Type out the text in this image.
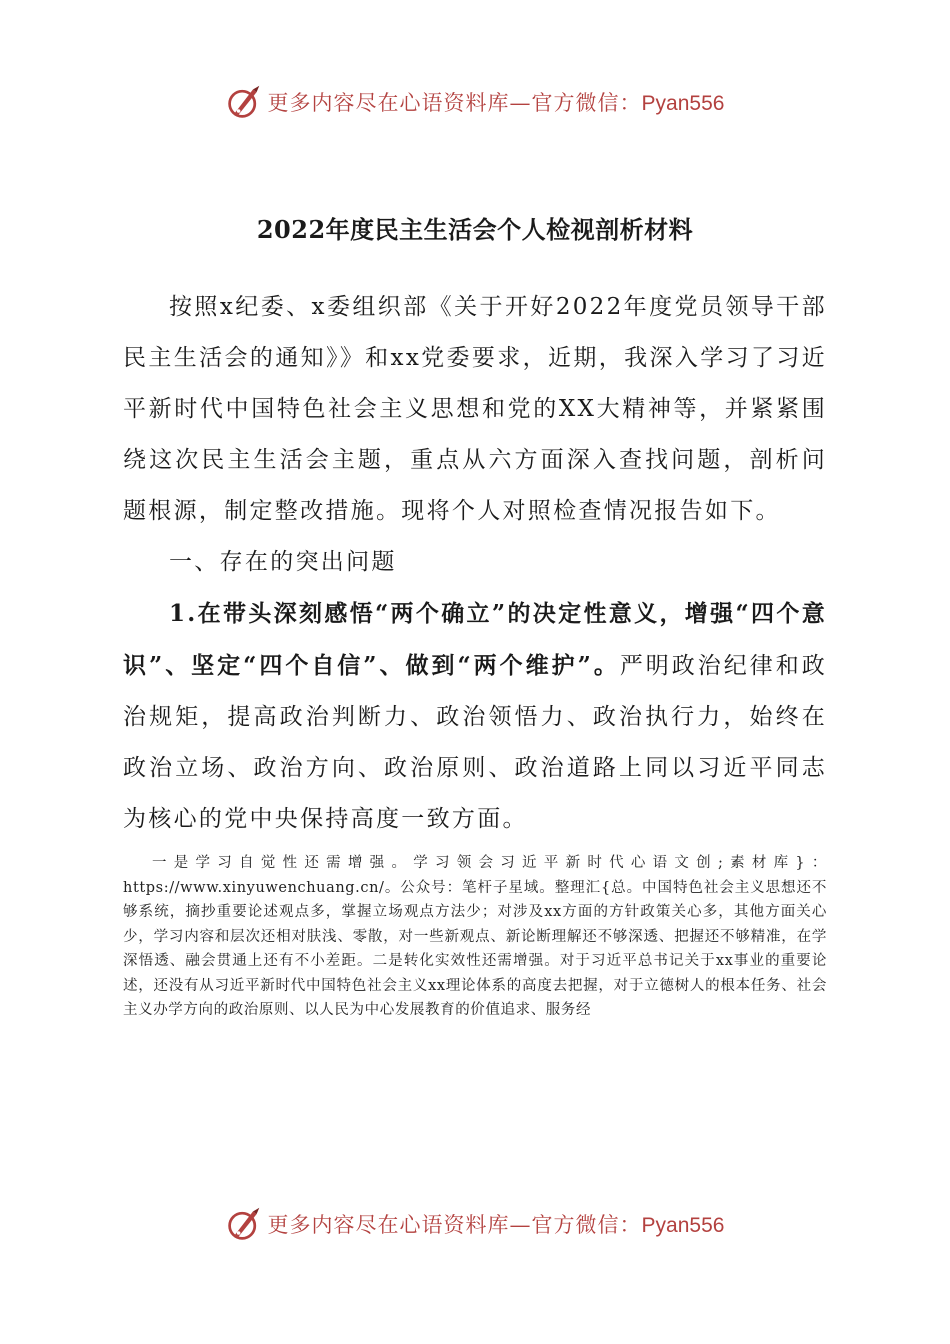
更多内容尽在心语资料库—官方微信：Pyan556
2022年度民主生活会个人检视剖析材料

按照x纪委、x委组织部《关于开好2022年度党员领导干部民主生活会的通知》》和xx党委要求，近期，我深入学习了习近平新时代中国特色社会主义思想和党的XX大精神等，并紧紧围绕这次民主生活会主题，重点从六方面深入查找问题，剖析问题根源，制定整改措施。现将个人对照检查情况报告如下。

一、存在的突出问题

1.在带头深刻感悟“两个确立”的决定性意义，增强“四个意识”、坚定“四个自信”、做到“两个维护”。严明政治纪律和政治规矩，提高政治判断力、政治领悟力、政治执行力，始终在政治立场、政治方向、政治原则、政治道路上同以习近平同志为核心的党中央保持高度一致方面。

一是学习自觉性还需增强。学习领会习近平新时代心语文创;素材库}：https://www.xinyuwenchuang.cn/。公众号：笔杆子星域。整理汇{总。中国特色社会主义思想还不够系统，摘抄重要论述观点多，掌握立场观点方法少；对涉及xx方面的方针政策关心多，其他方面关心少，学习内容和层次还相对肤浅、零散，对一些新观点、新论断理解还不够深透、把握还不够精准，在学深悟透、融会贯通上还有不小差距。二是转化实效性还需增强。对于习近平总书记关于xx事业的重要论述，还没有从习近平新时代中国特色社会主义xx理论体系的高度去把握，对于立德树人的根本任务、社会主义办学方向的政治原则、以人民为中心发展教育的价值追求、服务经

更多内容尽在心语资料库—官方微信：Pyan556
